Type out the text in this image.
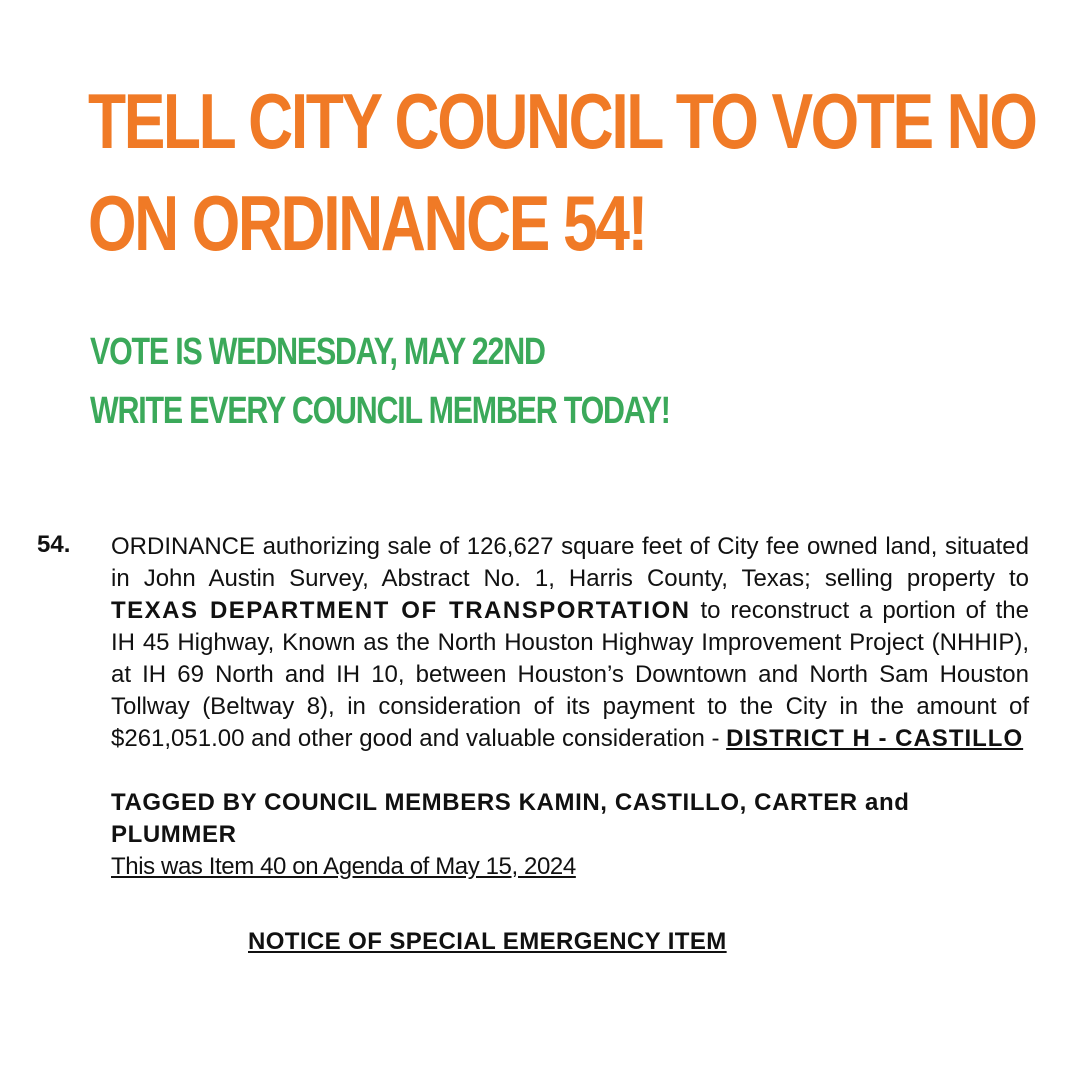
TELL CITY COUNCIL TO VOTE NO
ON ORDINANCE 54!
VOTE IS WEDNESDAY, MAY 22ND
WRITE EVERY COUNCIL MEMBER TODAY!
54. ORDINANCE authorizing sale of 126,627 square feet of City fee owned land, situated in John Austin Survey, Abstract No. 1, Harris County, Texas; selling property to TEXAS DEPARTMENT OF TRANSPORTATION to reconstruct a portion of the IH 45 Highway, Known as the North Houston Highway Improvement Project (NHHIP), at IH 69 North and IH 10, between Houston’s Downtown and North Sam Houston Tollway (Beltway 8), in consideration of its payment to the City in the amount of $261,051.00 and other good and valuable consideration - DISTRICT H - CASTILLO
TAGGED BY COUNCIL MEMBERS KAMIN, CASTILLO, CARTER and PLUMMER
This was Item 40 on Agenda of May 15, 2024
NOTICE OF SPECIAL EMERGENCY ITEM
